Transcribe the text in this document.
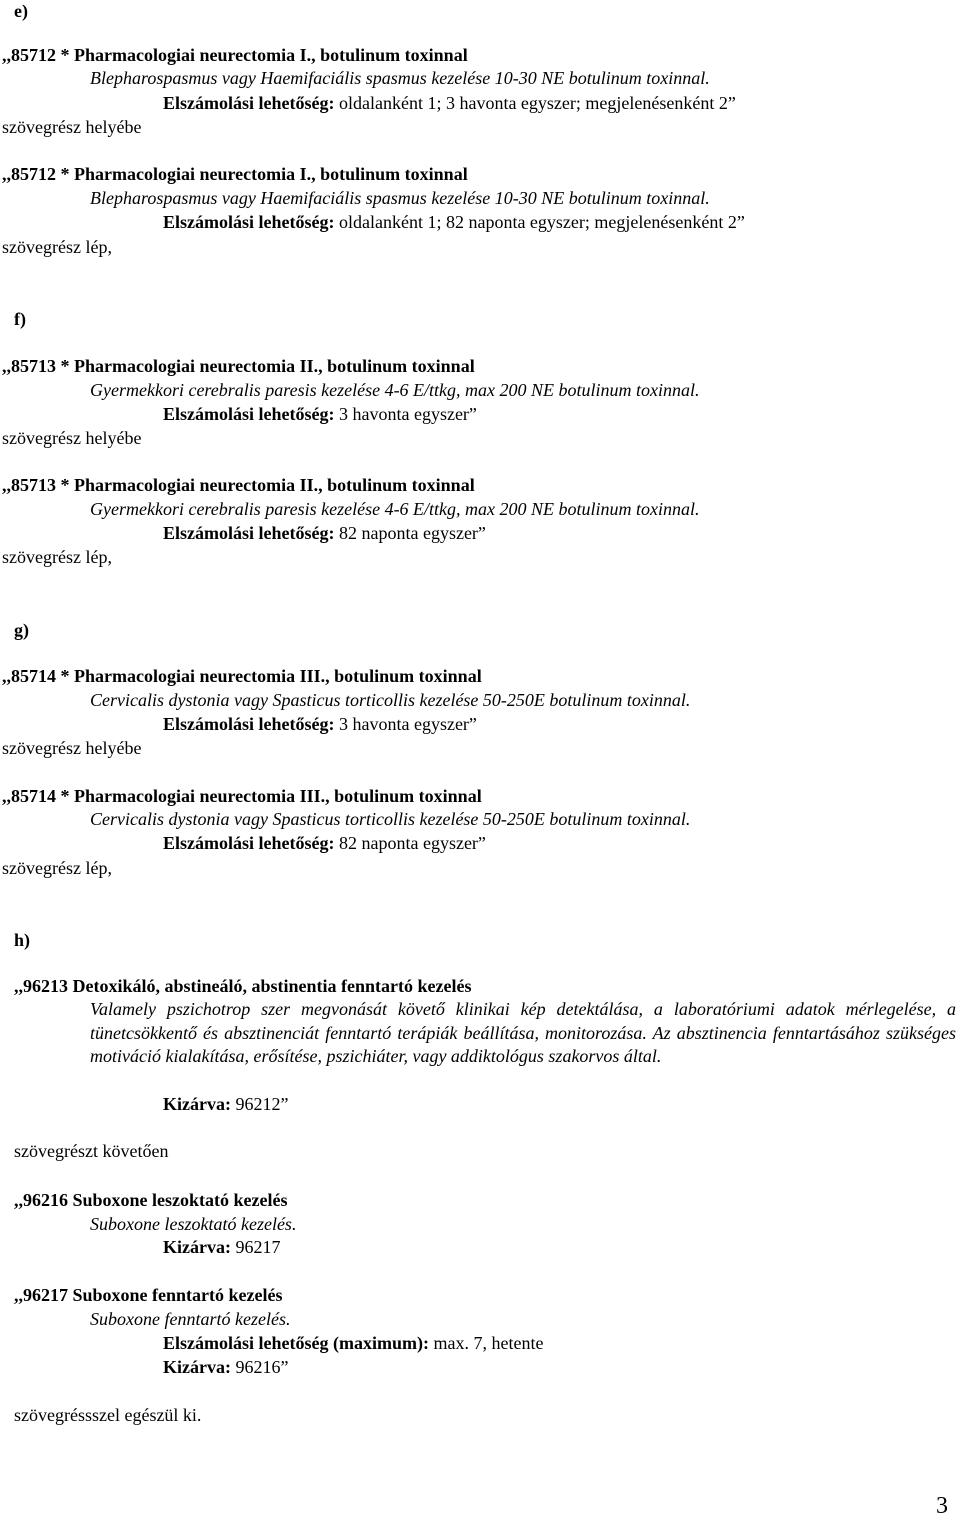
e)
,,85712 * Pharmacologiai neurectomia I., botulinum toxinnal
Blepharospasmus vagy Haemifaciális spasmus kezelése 10-30 NE botulinum toxinnal.
Elszámolási lehetőség: oldalanként 1; 3 havonta egyszer; megjelenésenként 2”
szövegrész helyébe
,,85712 * Pharmacologiai neurectomia I., botulinum toxinnal
Blepharospasmus vagy Haemifaciális spasmus kezelése 10-30 NE botulinum toxinnal.
Elszámolási lehetőség: oldalanként 1; 82 naponta egyszer; megjelenésenként 2”
szövegrész lép,
f)
,,85713 * Pharmacologiai neurectomia II., botulinum toxinnal
Gyermekkori cerebralis paresis kezelése 4-6 E/ttkg, max 200 NE botulinum toxinnal.
Elszámolási lehetőség: 3 havonta egyszer”
szövegrész helyébe
,,85713 * Pharmacologiai neurectomia II., botulinum toxinnal
Gyermekkori cerebralis paresis kezelése 4-6 E/ttkg, max 200 NE botulinum toxinnal.
Elszámolási lehetőség: 82 naponta egyszer”
szövegrész lép,
g)
,,85714 * Pharmacologiai neurectomia III., botulinum toxinnal
Cervicalis dystonia vagy Spasticus torticollis kezelése 50-250E botulinum toxinnal.
Elszámolási lehetőség: 3 havonta egyszer”
szövegrész helyébe
,,85714 * Pharmacologiai neurectomia III., botulinum toxinnal
Cervicalis dystonia vagy Spasticus torticollis kezelése 50-250E botulinum toxinnal.
Elszámolási lehetőség: 82 naponta egyszer”
szövegrész lép,
h)
,,96213 Detoxikáló, abstineáló, abstinentia fenntartó kezelés
Valamely pszichotrop szer megvonását követő klinikai kép detektálása, a laboratóriumi adatok mérlegelése, a tünetcsökkentő és absztinenciát fenntartó terápiák beállítása, monitorozása. Az absztinencia fenntartásához szükséges motiváció kialakítása, erősítése, pszichiáter, vagy addiktológus szakorvos által.
Kizárva: 96212”
szövegrészt követően
,,96216 Suboxone leszoktató kezelés
Suboxone leszoktató kezelés.
Kizárva: 96217
,,96217 Suboxone fenntartó kezelés
Suboxone fenntartó kezelés.
Elszámolási lehetőség (maximum): max. 7, hetente
Kizárva: 96216”
szövegréssszel egészül ki.
3
